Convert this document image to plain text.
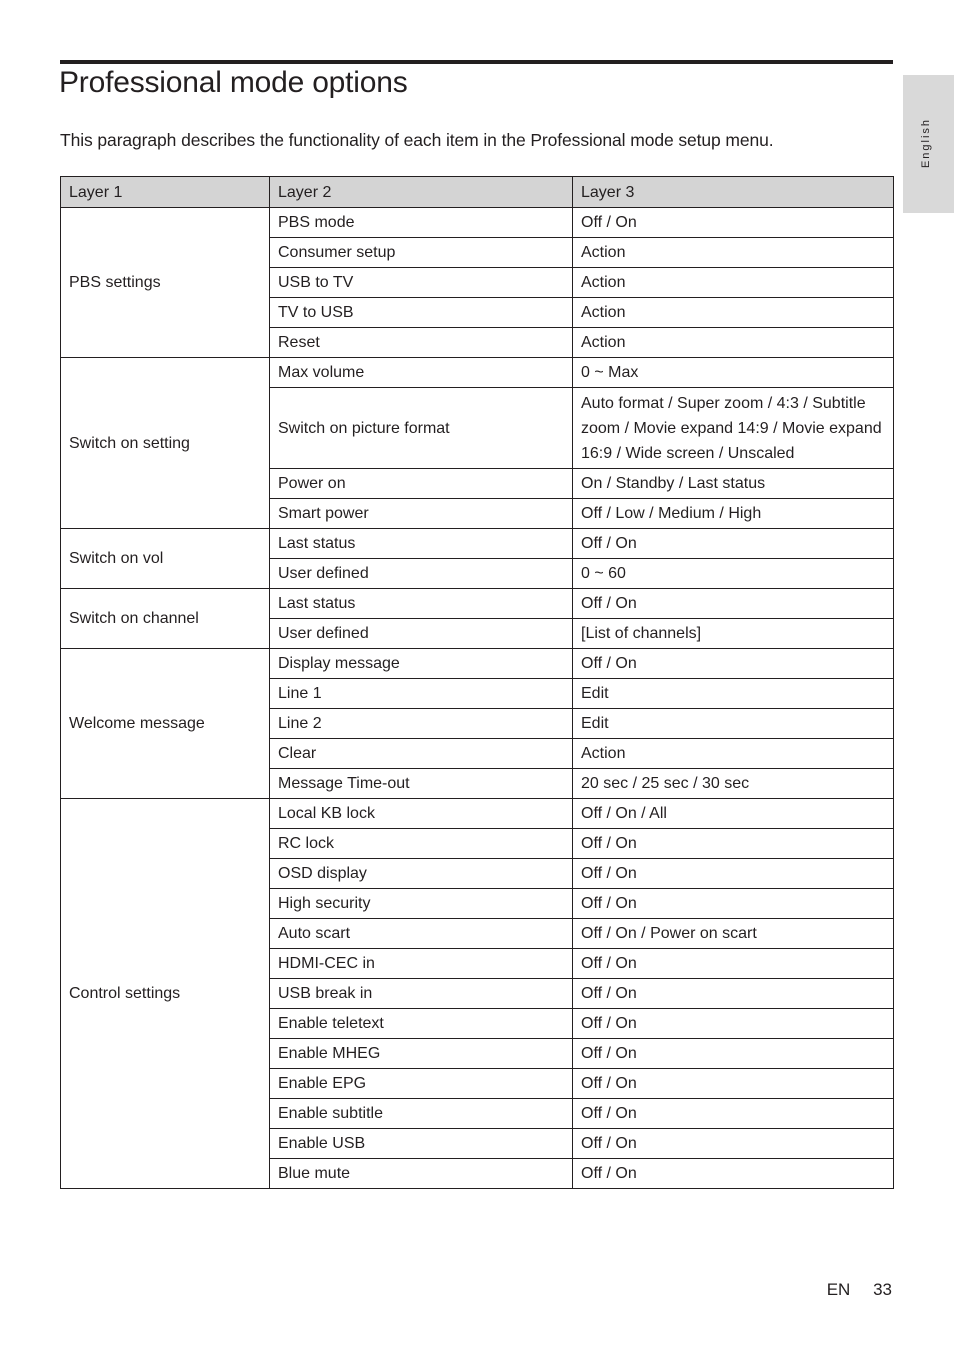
Professional mode options

This paragraph describes the functionality of each item in the Professional mode setup menu.	English
Layer 1	Layer 2	Layer 3
PBS settings	PBS mode	Off / On
	Consumer setup	Action
	USB to TV	Action
	TV to USB	Action
	Reset	Action
Switch on setting	Max volume	0 ~ Max
	Switch on picture format	Auto format / Super zoom / 4:3 / Subtitle zoom / Movie expand 14:9 / Movie expand 16:9 / Wide screen / Unscaled
	Power on	On / Standby / Last status
	Smart power	Off / Low / Medium / High
Switch on vol	Last status	Off / On
	User defined	0 ~ 60
Switch on channel	Last status	Off / On
	User defined	[List of channels]
Welcome message	Display message	Off / On
	Line 1	Edit
	Line 2	Edit
	Clear	Action
	Message Time-out	20 sec / 25 sec / 30 sec
Control settings	Local KB lock	Off / On / All
	RC lock	Off / On
	OSD display	Off / On
	High security	Off / On
	Auto scart	Off / On / Power on scart
	HDMI-CEC in	Off / On
	USB break in	Off / On
	Enable teletext	Off / On
	Enable MHEG	Off / On
	Enable EPG	Off / On
	Enable subtitle	Off / On
	Enable USB	Off / On
	Blue mute	Off / On
EN 33
